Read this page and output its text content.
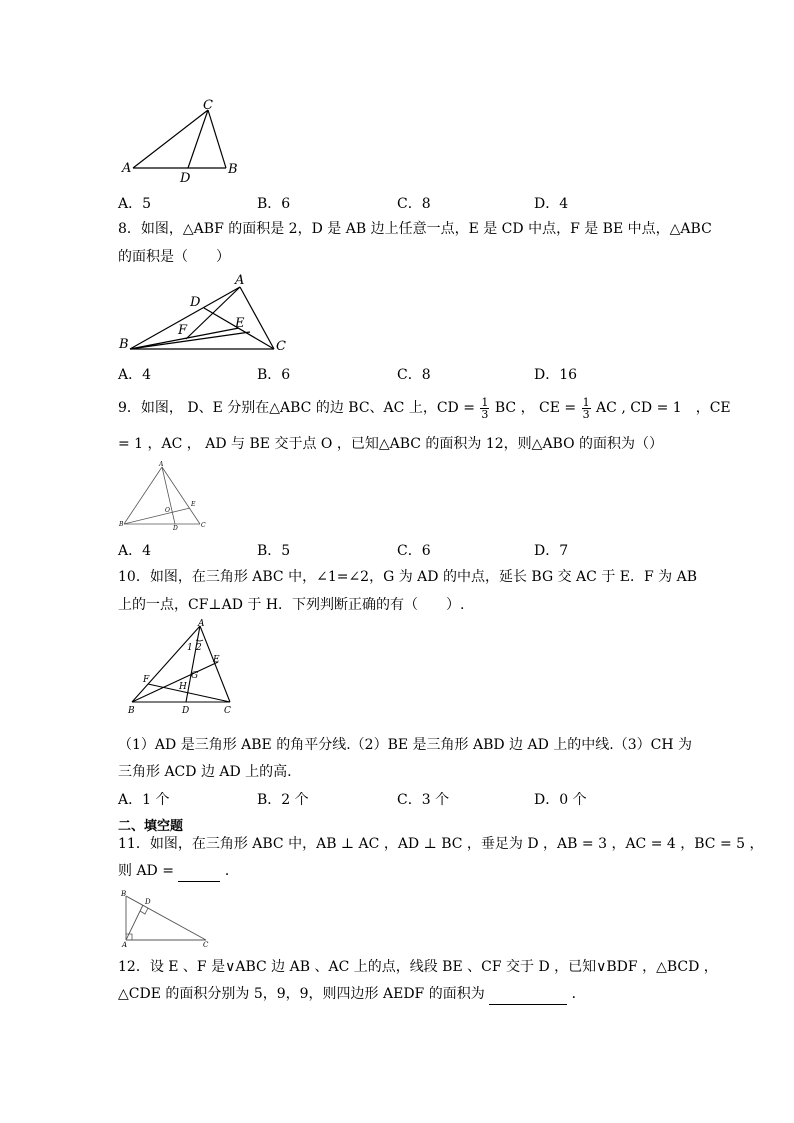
C
A	B
D
A．5	B．6	C．8	D．4
8．如图，△ABF 的面积是 2，D 是 AB 边上任意一点，E 是 CD 中点，F 是 BE 中点，△ABC
的面积是（　　）
A
D
E
F
B	C
A．4	B．6	C．8	D．16
9．如图， D、E 分别在△ABC 的边 BC、AC 上，CD = $\frac{1}{3}$ BC ， CE = $\frac{1}{3}$ AC , CD = 1　，CE
= 1 ，AC ， AD 与 BE 交于点 O ，已知△ABC 的面积为 12，则△ABO 的面积为（）
A
B	C
D
E
O
A．4	B．5	C．6	D．7
10．如图，在三角形 ABC 中，∠1=∠2，G 为 AD 的中点，延长 BG 交 AC 于 E．F 为 AB
上的一点，CF⊥AD 于 H．下列判断正确的有（　　）.
A
1 2
E
G
F
H
B	D	C
（1）AD 是三角形 ABE 的角平分线.（2）BE 是三角形 ABD 边 AD 上的中线.（3）CH 为
三角形 ACD 边 AD 上的高.
A．1 个	B．2 个	C．3 个	D．0 个
二、填空题
11．如图，在三角形 ABC 中，AB ⊥ AC ，AD ⊥ BC ，垂足为 D ，AB = 3 ，AC = 4 ，BC = 5 ，
则 AD =	．
B
D
A	C
12．设 E 、F 是∨ABC 边 AB 、AC 上的点，线段 BE 、CF 交于 D ，已知∨BDF ，△BCD ，
△CDE 的面积分别为 5，9，9，则四边形 AEDF 的面积为	．
